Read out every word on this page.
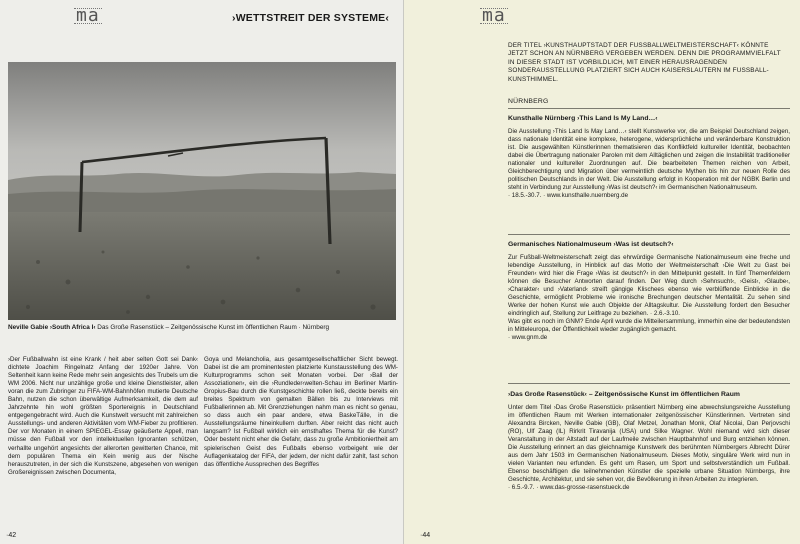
ma	›WETTSTREIT DER SYSTEME‹
Neville Gabie ›South Africa I‹ Das Große Rasenstück – Zeitgenössische Kunst im öffentlichen Raum · Nürnberg
›Der Fußballwahn ist eine Krank / heit aber selten Gott sei Dank‹ dichtete Joachim Ringelnatz Anfang der 1920er Jahre. Von Seltenheit kann keine Rede mehr sein angesichts des Trubels um die WM 2006. Nicht nur unzählige große und kleine Dienstleister, allen voran die zum Zubringer zu FIFA-WM-Bahnhöfen mutierte Deutsche Bahn, nutzen die schon überwältige Aufmerksamkeit, die dem auf Jahrzehnte hin wohl größten Sportereignis in Deutschland entgegengebracht wird. Auch die Kunstwelt versucht mit zahlreichen Ausstellungs- und anderen Aktivitäten vom WM-Fieber zu profitieren. Der vor Monaten in einem SPIEGEL-Essay geäußerte Appell, man müsse den Fußball vor den intellektuellen Ignoranten schützen, verhallte ungehört angesichts der allerorten gewitterten Chance, mit dem populären Thema ein Kein wenig aus der Nische herauszutreten, in der sich die Kunstszene, abgesehen von wenigen Großereignissen zwischen Documenta,
Goya und Melancholia, aus gesamtgesellschaftlicher Sicht bewegt. Dabei ist die am prominentesten platzierte Kunstausstellung des WM-Kulturprogramms schon seit Monaten vorbei. Der ›Ball der Assoziationen‹, ein die ›Rundleder‹welten-Schau im Berliner Martin-Gropius-Bau durch die Kunstgeschichte rollen ließ, deckte bereits ein breites Spektrum von gemalten Bällen bis zu Interviews mit Fußballerinnen ab. Mit Grenzziehungen nahm man es nicht so genau, so dass auch ein paar andere, etwa BaskeTälle, in die Ausstellungsräume hineinkullern durften. Aber reicht das nicht auch langsam? Ist Fußball wirklich ein ernsthaftes Thema für die Kunst? Oder besteht nicht eher die Gefahr, dass zu große Ambitioniertheit am spielerischen Geist des Fußballs ebenso vorbeigeht wie der Auflagenkatalog der FIFA, der jedem, der nicht dafür zahlt, fast schon das öffentliche Aussprechen des Begriffes
·42
ma
DER TITEL ›KUNSTHAUPTSTADT DER FUSSBALLWELTMEISTERSCHAFT‹ KÖNNTE JETZT SCHON AN NÜRNBERG VERGEBEN WERDEN. DENN DIE PROGRAMMVIELFALT IN DIESER STADT IST VORBILDLICH, MIT EINER HERAUSRAGENDEN SONDERAUSSTELLUNG PLATZIERT SICH AUCH KAISERSLAUTERN IM FUSSBALL-KUNSTHIMMEL.
NÜRNBERG
Kunsthalle Nürnberg ›This Land Is My Land…‹
Die Ausstellung ›This Land Is May Land…‹ stellt Kunstwerke vor, die am Beispiel Deutschland zeigen, dass nationale Identität eine komplexe, heterogene, widersprüchliche und veränderbare Konstruktion ist. Die ausgewählten Künstlerinnen thematisieren das Konfliktfeld kultureller Identität, beobachten dabei die Übertragung nationaler Parolen mit dem Alltäglichen und zeigen die Instabilität traditioneller nationaler und kultureller Zuordnungen auf. Die bearbeiteten Themen reichen von Arbeit, Gleichberechtigung und Migration über vermeintlich deutsche Mythen bis hin zur neuen Rolle des politischen Deutschlands in der Welt. Die Ausstellung erfolgt in Kooperation mit der NGBK Berlin und steht in Verbindung zur Ausstellung ›Was ist deutsch?‹ im Germanischen Nationalmuseum.
· 18.5.-30.7. · www.kunsthalle.nuernberg.de
Germanisches Nationalmuseum ›Was ist deutsch?‹
Zur Fußball-Weltmeisterschaft zeigt das ehrwürdige Germanische Nationalmuseum eine freche und lebendige Ausstellung, in Hinblick auf das Motto der Weltmeisterschaft ›Die Welt zu Gast bei Freunden‹ wird hier die Frage ›Was ist deutsch?‹ in den Mittelpunkt gestellt. In fünf Themenfeldern können die Besucher Antworten darauf finden. Der Weg durch ›Sehnsucht‹, ›Geist‹, ›Glaube‹, ›Charakter‹ und ›Vaterland‹ streift gängige Klischees ebenso wie verblüffende Einblicke in die Geschichte, ermöglicht Probleme wie ironische Brechungen deutscher Mentalität. Zu sehen sind Werke der hohen Kunst wie auch Objekte der Alltagskultur. Die Ausstellung fordert den Besucher eindringlich auf, Stellung zur Leitfrage zu beziehen. · 2.6.-3.10.
Was gibt es noch im GNM? Ende April wurde die Mitteilersammlung, immerhin eine der bedeutendsten in Mitteleuropa, der Öffentlichkeit wieder zugänglich gemacht.
· www.gnm.de
›Das Große Rasenstück‹ – Zeitgenössische Kunst im öffentlichen Raum
Unter dem Titel ›Das Große Rasenstück‹ präsentiert Nürnberg eine abwechslungsreiche Ausstellung im öffentlichen Raum mit Werken internationaler zeitgenössischer Künstlerinnen. Vertreten sind Alexandra Bircken, Neville Gabie (GB), Olaf Metzel, Jonathan Monk, Olaf Nicolai, Dan Perjovschi (RO), Ulf Zaag (IL) Rirkrit Tiravanija (USA) und Silke Wagner. Wohl niemand wird sich dieser Veranstaltung in der Altstadt auf der Laufmeile zwischen Hauptbahnhof und Burg entziehen können. Die Ausstellung erinnert an das gleichnamige Kunstwerk des berühmten Nürnbergers Albrecht Dürer aus dem Jahr 1503 im Germanischen Nationalmuseum. Dieses Motiv, singuläre Werk wird nun in vielen Varianten neu erfunden. Es geht um Rasen, um Sport und selbstverständlich um Fußball. Ebenso beschäftigen die teilnehmenden Künstler die spezielle urbane Situation Nürnbergs, ihre Geschichte, Architektur, und sie sehen vor, die Bevölkerung in ihren Arbeiten zu integrieren.
· 6.5.-9.7. · www.das-grosse-rasenstueck.de
·44
